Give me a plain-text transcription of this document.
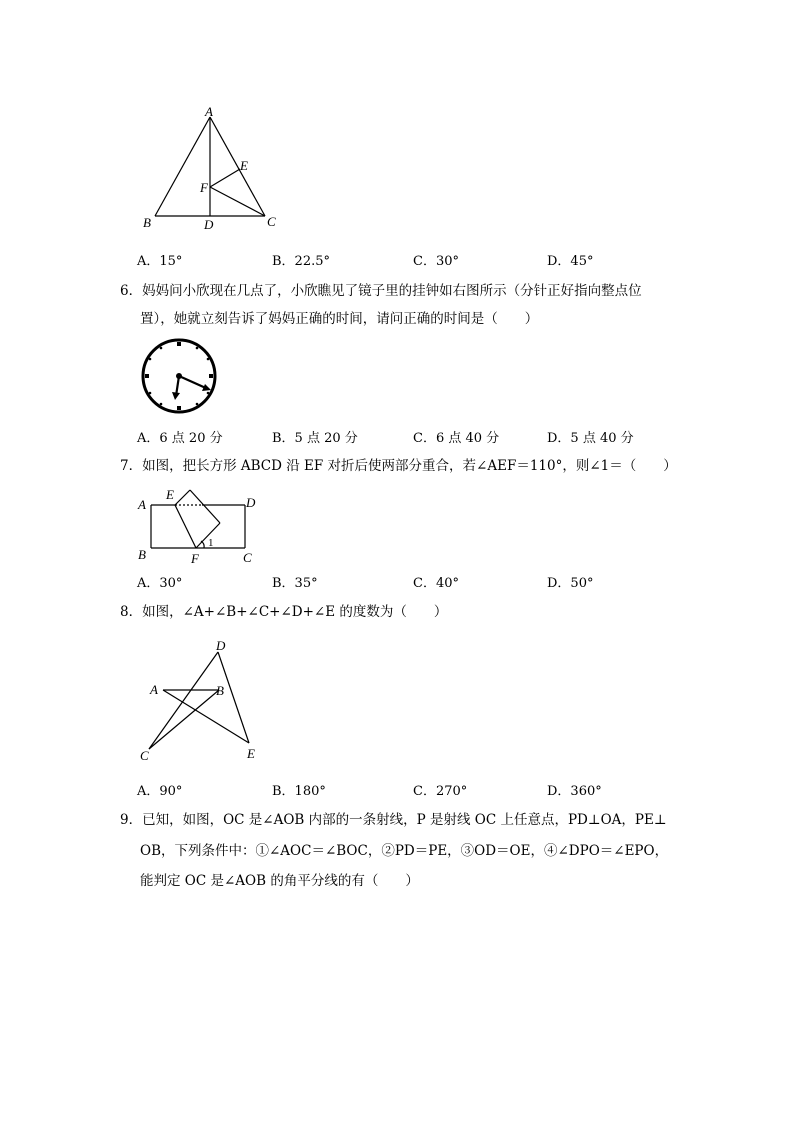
A
B	C
D
E
F
A．15°	B．22.5°	C．30°	D．45°
6．妈妈问小欣现在几点了，小欣瞧见了镜子里的挂钟如右图所示（分针正好指向整点位
置），她就立刻告诉了妈妈正确的时间，请问正确的时间是（　　）
A．6 点 20 分	B．5 点 20 分	C．6 点 40 分	D．5 点 40 分
7．如图，把长方形 ABCD 沿 EF 对折后使两部分重合，若∠AEF＝110°，则∠1＝（　　）
A
B	C
D
E
F
1
A．30°	B．35°	C．40°	D．50°
8．如图，∠A+∠B+∠C+∠D+∠E 的度数为（　　）
A	B
C
D
E
A．90°	B．180°	C．270°	D．360°
9．已知，如图，OC 是∠AOB 内部的一条射线，P 是射线 OC 上任意点，PD⊥OA，PE⊥
OB，下列条件中：①∠AOC＝∠BOC，②PD＝PE，③OD＝OE，④∠DPO＝∠EPO，
能判定 OC 是∠AOB 的角平分线的有（　　）
